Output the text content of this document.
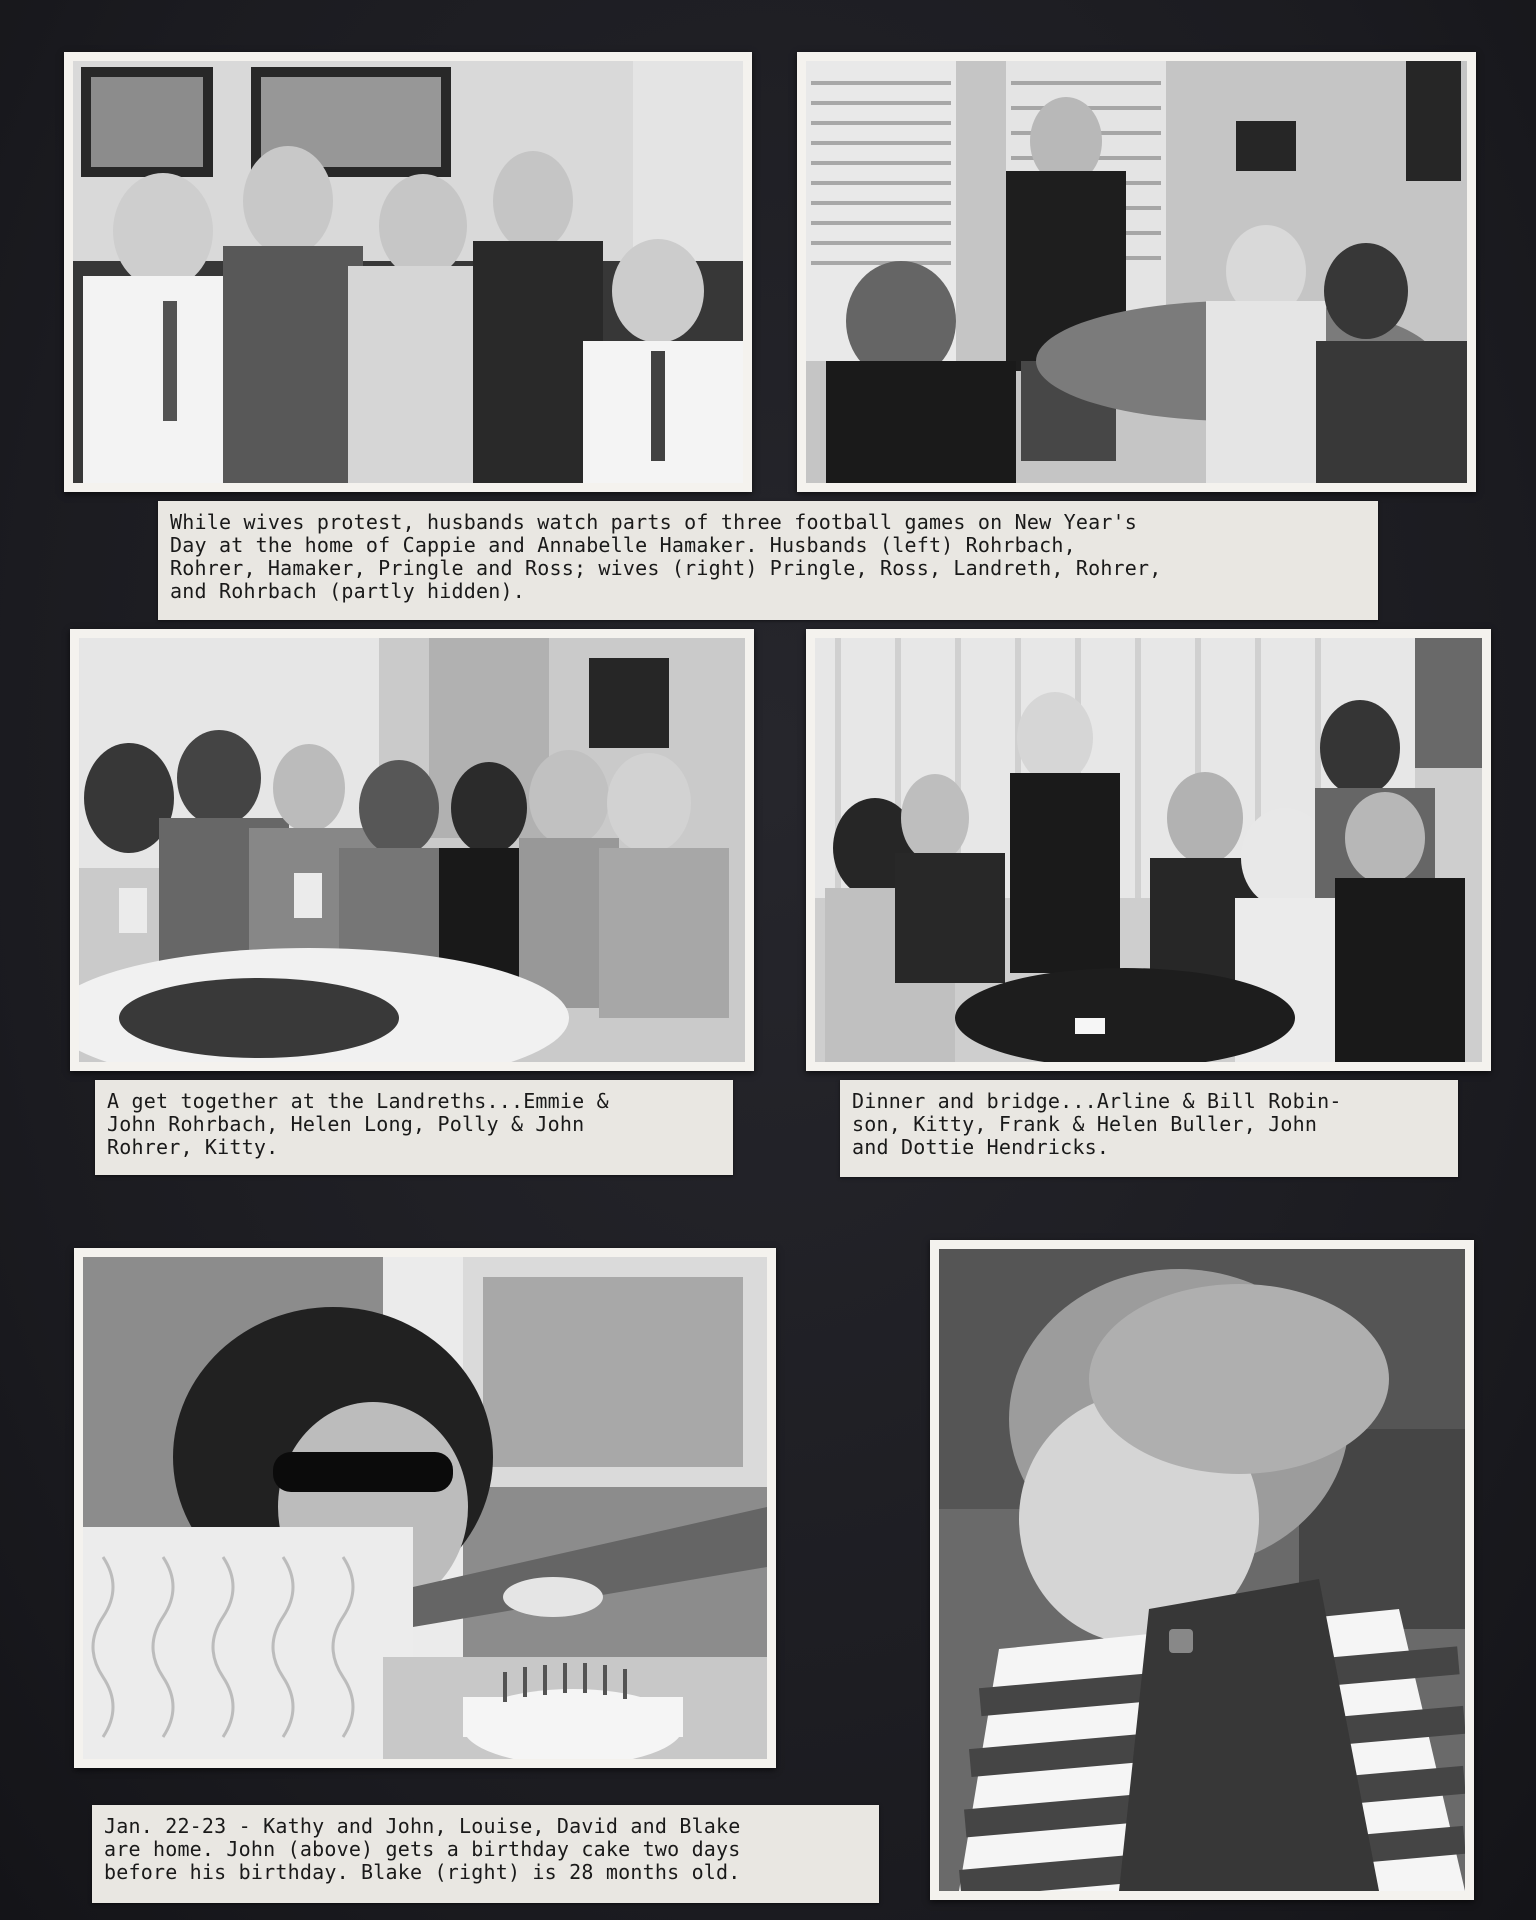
While wives protest, husbands watch parts of three football games on New Year's
Day at the home of Cappie and Annabelle Hamaker. Husbands (left) Rohrbach,
Rohrer, Hamaker, Pringle and Ross; wives (right) Pringle, Ross, Landreth, Rohrer,
and Rohrbach (partly hidden).
A get together at the Landreths...Emmie &
John Rohrbach, Helen Long, Polly & John
Rohrer, Kitty.
Dinner and bridge...Arline & Bill Robin-
son, Kitty, Frank & Helen Buller, John
and Dottie Hendricks.
Jan. 22-23 - Kathy and John, Louise, David and Blake
are home. John (above) gets a birthday cake two days
before his birthday. Blake (right) is 28 months old.
